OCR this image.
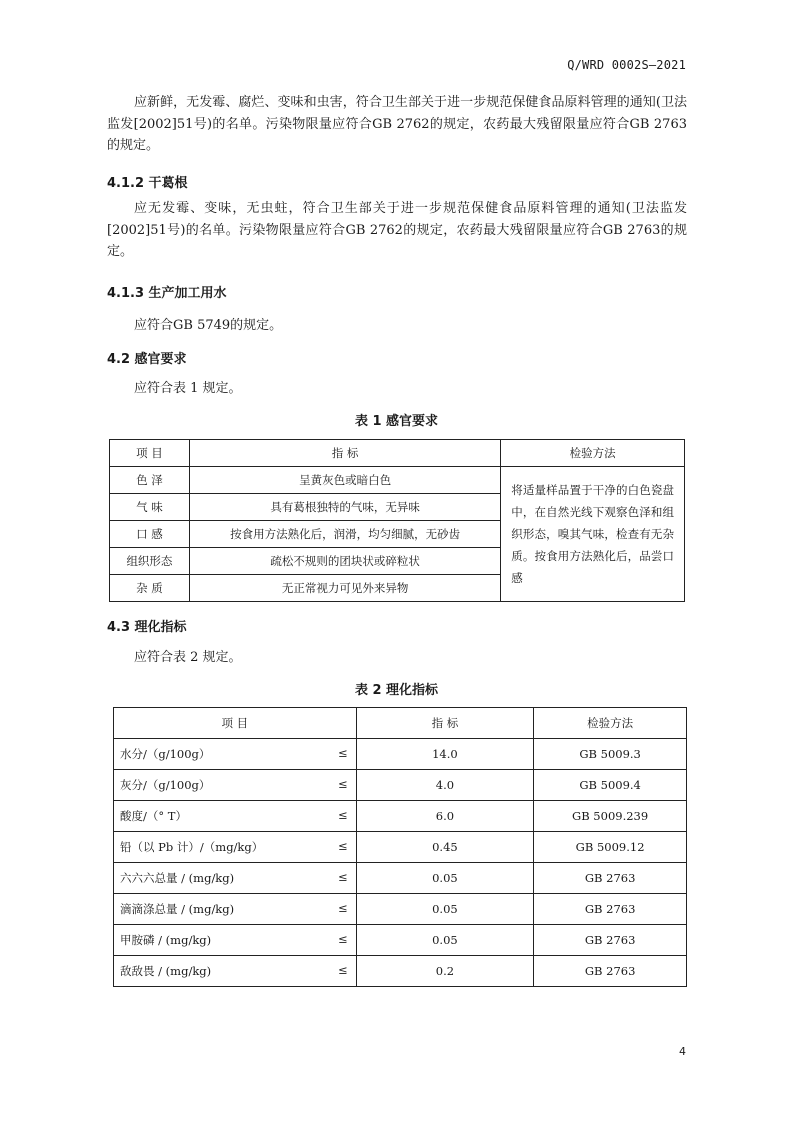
Q/WRD 0002S—2021

应新鲜，无发霉、腐烂、变味和虫害，符合卫生部关于进一步规范保健食品原料管理的通知(卫法监发[2002]51号)的名单。污染物限量应符合GB 2762的规定，农药最大残留限量应符合GB 2763的规定。

4.1.2 干葛根

应无发霉、变味，无虫蛀，符合卫生部关于进一步规范保健食品原料管理的通知(卫法监发[2002]51号)的名单。污染物限量应符合GB 2762的规定，农药最大残留限量应符合GB 2763的规定。

4.1.3 生产加工用水

应符合GB 5749的规定。

4.2 感官要求

应符合表 1 规定。

表 1 感官要求
项 目	指 标	检验方法
色 泽	呈黄灰色或暗白色	将适量样品置于干净的白色瓷盘中，在自然光线下观察色泽和组织形态，嗅其气味，检查有无杂质。按食用方法熟化后，品尝口感
气 味	具有葛根独特的气味，无异味	
口 感	按食用方法熟化后，润滑，均匀细腻，无砂齿	
组织形态	疏松不规则的团块状或碎粒状	
杂 质	无正常视力可见外来异物	
4.3 理化指标

应符合表 2 规定。

表 2 理化指标
项 目	指 标	检验方法
水分/（g/100g） ≤	14.0	GB 5009.3
灰分/（g/100g） ≤	4.0	GB 5009.4
酸度/（° T） ≤	6.0	GB 5009.239
铅（以 Pb 计）/（mg/kg） ≤	0.45	GB 5009.12
六六六总量 / (mg/kg) ≤	0.05	GB 2763
滴滴涤总量 / (mg/kg) ≤	0.05	GB 2763
甲胺磷 / (mg/kg) ≤	0.05	GB 2763
敌敌畏 / (mg/kg) ≤	0.2	GB 2763
4
